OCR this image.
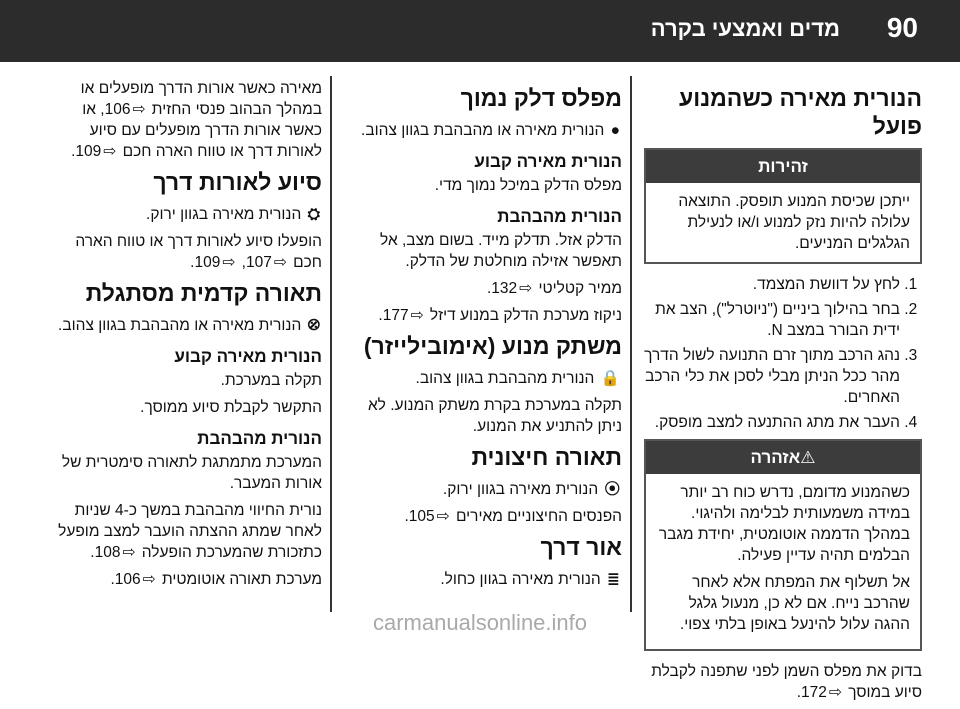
90
מדים ואמצעי בקרה
הנורית מאירה כשהמנוע פועל
זהירות
ייתכן שכיסת המנוע תופסק. התוצאה עלולה להיות נזק למנוע ו/או לנעילת הגלגלים המניעים.
1. לחץ על דוושת המצמד.
2. בחר בהילוך ביניים ("ניוטרל"), הצב את ידית הבורר במצב N.
3. נהג הרכב מתוך זרם התנועה לשול הדרך מהר ככל הניתן מבלי לסכן את כלי הרכב האחרים.
4. העבר את מתג ההתנעה למצב מופסק.
⚠אזהרה

כשהמנוע מדומם, נדרש כוח רב יותר במידה משמעותית לבלימה ולהיגוי. במהלך הדממה אוטומטית, יחידת מגבר הבלמים תהיה עדיין פעילה.

אל תשלוף את המפתח אלא לאחר שהרכב נייח. אם לא כן, מנעול גלגל ההגה עלול להינעל באופן בלתי צפוי.

בדוק את מפלס השמן לפני שתפנה לקבלת סיוע במוסך ⇨172.

מפלס דלק נמוך

● הנורית מאירה או מהבהבת בגוון צהוב.

הנורית מאירה קבוע

מפלס הדלק במיכל נמוך מדי.

הנורית מהבהבת

הדלק אזל. תדלק מייד. בשום מצב, אל תאפשר אזילה מוחלטת של הדלק.

ממיר קטליטי ⇨132.

ניקוז מערכת הדלק במנוע דיזל ⇨177.

משתק מנוע (אימובילייזר)

🔒 הנורית מהבהבת בגוון צהוב.

תקלה במערכת בקרת משתק המנוע. לא ניתן להתניע את המנוע.

תאורה חיצונית

⦿ הנורית מאירה בגוון ירוק.

הפנסים החיצוניים מאירים ⇨105.

אור דרך

≣ הנורית מאירה בגוון כחול.

מאירה כאשר אורות הדרך מופעלים או במהלך הבהוב פנסי החזית ⇨106, או כאשר אורות הדרך מופעלים עם סיוע לאורות דרך או טווח הארה חכם ⇨109.

סיוע לאורות דרך

⛭ הנורית מאירה בגוון ירוק.

הופעלו סיוע לאורות דרך או טווח הארה חכם ⇨107, ⇨109.

תאורה קדמית מסתגלת

⦼ הנורית מאירה או מהבהבת בגוון צהוב.

הנורית מאירה קבוע

תקלה במערכת.

התקשר לקבלת סיוע ממוסך.

הנורית מהבהבת

המערכת מתמתגת לתאורה סימטרית של אורות המעבר.

נורית החיווי מהבהבת במשך כ-4 שניות לאחר שמתג ההצתה הועבר למצב מופעל כתזכורת שהמערכת הופעלה ⇨108.

מערכת תאורה אוטומטית ⇨106.

carmanualsonline.info
